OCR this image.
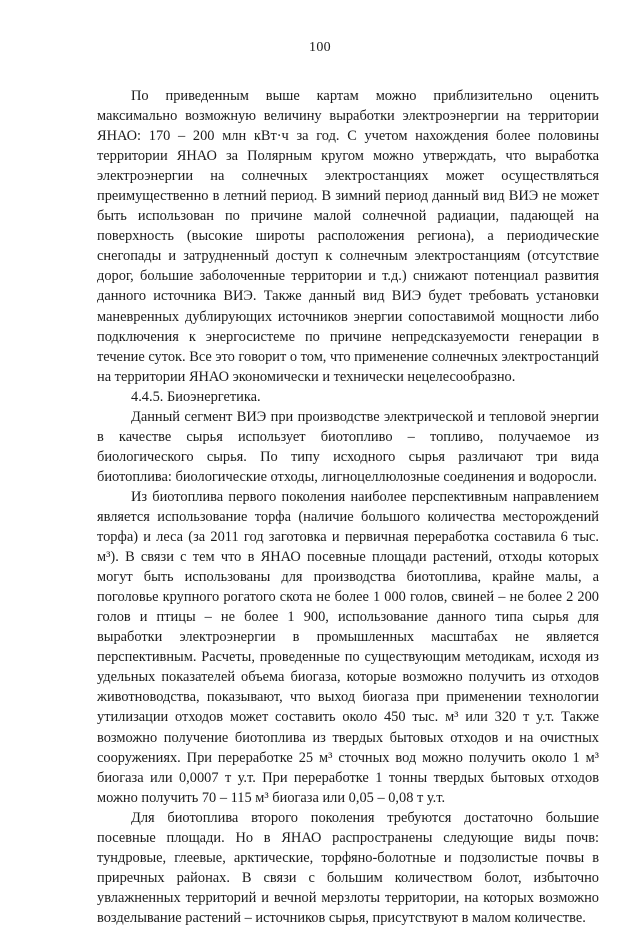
100

По приведенным выше картам можно приблизительно оценить максимально возможную величину выработки электроэнергии на территории ЯНАО: 170 – 200 млн кВт·ч за год. С учетом нахождения более половины территории ЯНАО за Полярным кругом можно утверждать, что выработка электроэнергии на солнечных электростанциях может осуществляться преимущественно в летний период. В зимний период данный вид ВИЭ не может быть использован по причине малой солнечной радиации, падающей на поверхность (высокие широты расположения региона), а периодические снегопады и затрудненный доступ к солнечным электростанциям (отсутствие дорог, большие заболоченные территории и т.д.) снижают потенциал развития данного источника ВИЭ. Также данный вид ВИЭ будет требовать установки маневренных дублирующих источников энергии сопоставимой мощности либо подключения к энергосистеме по причине непредсказуемости генерации в течение суток. Все это говорит о том, что применение солнечных электростанций на территории ЯНАО экономически и технически нецелесообразно.

4.4.5. Биоэнергетика.

Данный сегмент ВИЭ при производстве электрической и тепловой энергии в качестве сырья использует биотопливо – топливо, получаемое из биологического сырья. По типу исходного сырья различают три вида биотоплива: биологические отходы, лигноцеллюлозные соединения и водоросли.

Из биотоплива первого поколения наиболее перспективным направлением является использование торфа (наличие большого количества месторождений торфа) и леса (за 2011 год заготовка и первичная переработка составила 6 тыс. м³). В связи с тем что в ЯНАО посевные площади растений, отходы которых могут быть использованы для производства биотоплива, крайне малы, а поголовье крупного рогатого скота не более 1 000 голов, свиней – не более 2 200 голов и птицы – не более 1 900, использование данного типа сырья для выработки электроэнергии в промышленных масштабах не является перспективным. Расчеты, проведенные по существующим методикам, исходя из удельных показателей объема биогаза, которые возможно получить из отходов животноводства, показывают, что выход биогаза при применении технологии утилизации отходов может составить около 450 тыс. м³ или 320 т у.т. Также возможно получение биотоплива из твердых бытовых отходов и на очистных сооружениях. При переработке 25 м³ сточных вод можно получить около 1 м³ биогаза или 0,0007 т у.т. При переработке 1 тонны твердых бытовых отходов можно получить 70 – 115 м³ биогаза или 0,05 – 0,08 т у.т.

Для биотоплива второго поколения требуются достаточно большие посевные площади. Но в ЯНАО распространены следующие виды почв: тундровые, глеевые, арктические, торфяно-болотные и подзолистые почвы в приречных районах. В связи с большим количеством болот, избыточно увлажненных территорий и вечной мерзлоты территории, на которых возможно возделывание растений – источников сырья, присутствуют в малом количестве.
